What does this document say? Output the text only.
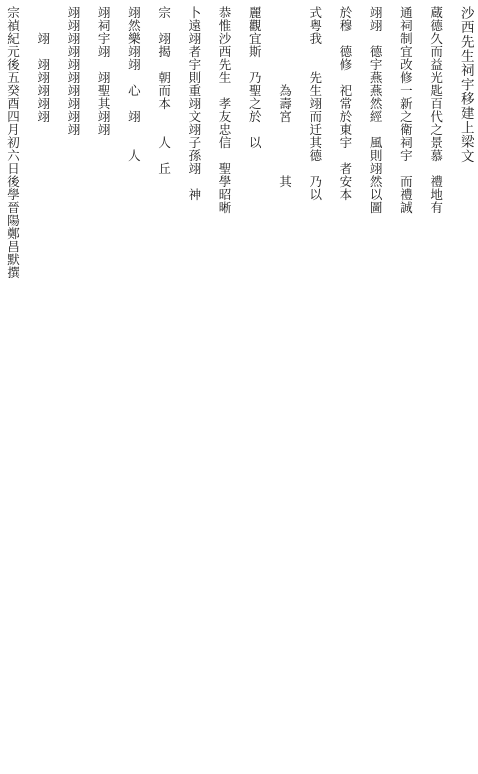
沙西先生祠宇移建上梁文
蔵德久而益光匙百代之景慕　禮地有
通祠制宜改修一新之衛祠宇　而禮誠
翊翊　德宇燕燕然經　風則翊然以圖
於穆　德修　祀常於東宇　者安本
式粤我　　先生翊而迁其德　乃以　
　　　　　　為壽宮　　　　其
麗觀宜斯　乃聖之於　以
恭惟沙西先生　孝友忠信　聖學昭晰
卜遠翊者宇則重翊文翊子孫翊　神
宗　翊揭　朝而本　　人　丘
翊然樂翊翊　心　翊　　人
翊祠宇翊　翊聖其翊翊
翊翊翊翊翊翊翊翊翊翊
　　翊　翊翊翊翊翊
宗禎紀元後五癸酉四月初六日後學晉陽鄭昌默撰
